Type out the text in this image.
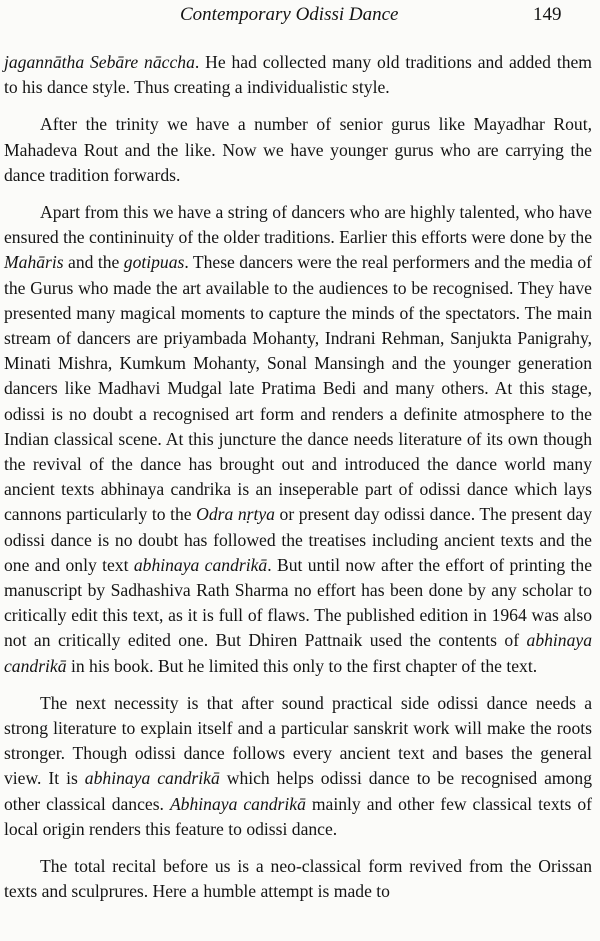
Contemporary Odissi Dance	149

jagannātha Sebāre nāccha. He had collected many old traditions and added them to his dance style. Thus creating a individualistic style.

After the trinity we have a number of senior gurus like Mayadhar Rout, Mahadeva Rout and the like. Now we have younger gurus who are carrying the dance tradition forwards.

Apart from this we have a string of dancers who are highly talented, who have ensured the contininuity of the older traditions. Earlier this efforts were done by the Mahāris and the gotipuas. These dancers were the real performers and the media of the Gurus who made the art available to the audiences to be recognised. They have presented many magical moments to capture the minds of the spectators. The main stream of dancers are priyambada Mohanty, Indrani Rehman, Sanjukta Panigrahy, Minati Mishra, Kumkum Mohanty, Sonal Mansingh and the younger generation dancers like Madhavi Mudgal late Pratima Bedi and many others. At this stage, odissi is no doubt a recognised art form and renders a definite atmosphere to the Indian classical scene. At this juncture the dance needs literature of its own though the revival of the dance has brought out and introduced the dance world many ancient texts abhinaya candrika is an inseperable part of odissi dance which lays cannons particularly to the Odra nṛtya or present day odissi dance. The present day odissi dance is no doubt has followed the treatises including ancient texts and the one and only text abhinaya candrikā. But until now after the effort of printing the manuscript by Sadhashiva Rath Sharma no effort has been done by any scholar to critically edit this text, as it is full of flaws. The published edition in 1964 was also not an critically edited one. But Dhiren Pattnaik used the contents of abhinaya candrikā in his book. But he limited this only to the first chapter of the text.

The next necessity is that after sound practical side odissi dance needs a strong literature to explain itself and a particular sanskrit work will make the roots stronger. Though odissi dance follows every ancient text and bases the general view. It is abhinaya candrikā which helps odissi dance to be recognised among other classical dances. Abhinaya candrikā mainly and other few classical texts of local origin renders this feature to odissi dance.

The total recital before us is a neo-classical form revived from the Orissan texts and sculprures. Here a humble attempt is made to
